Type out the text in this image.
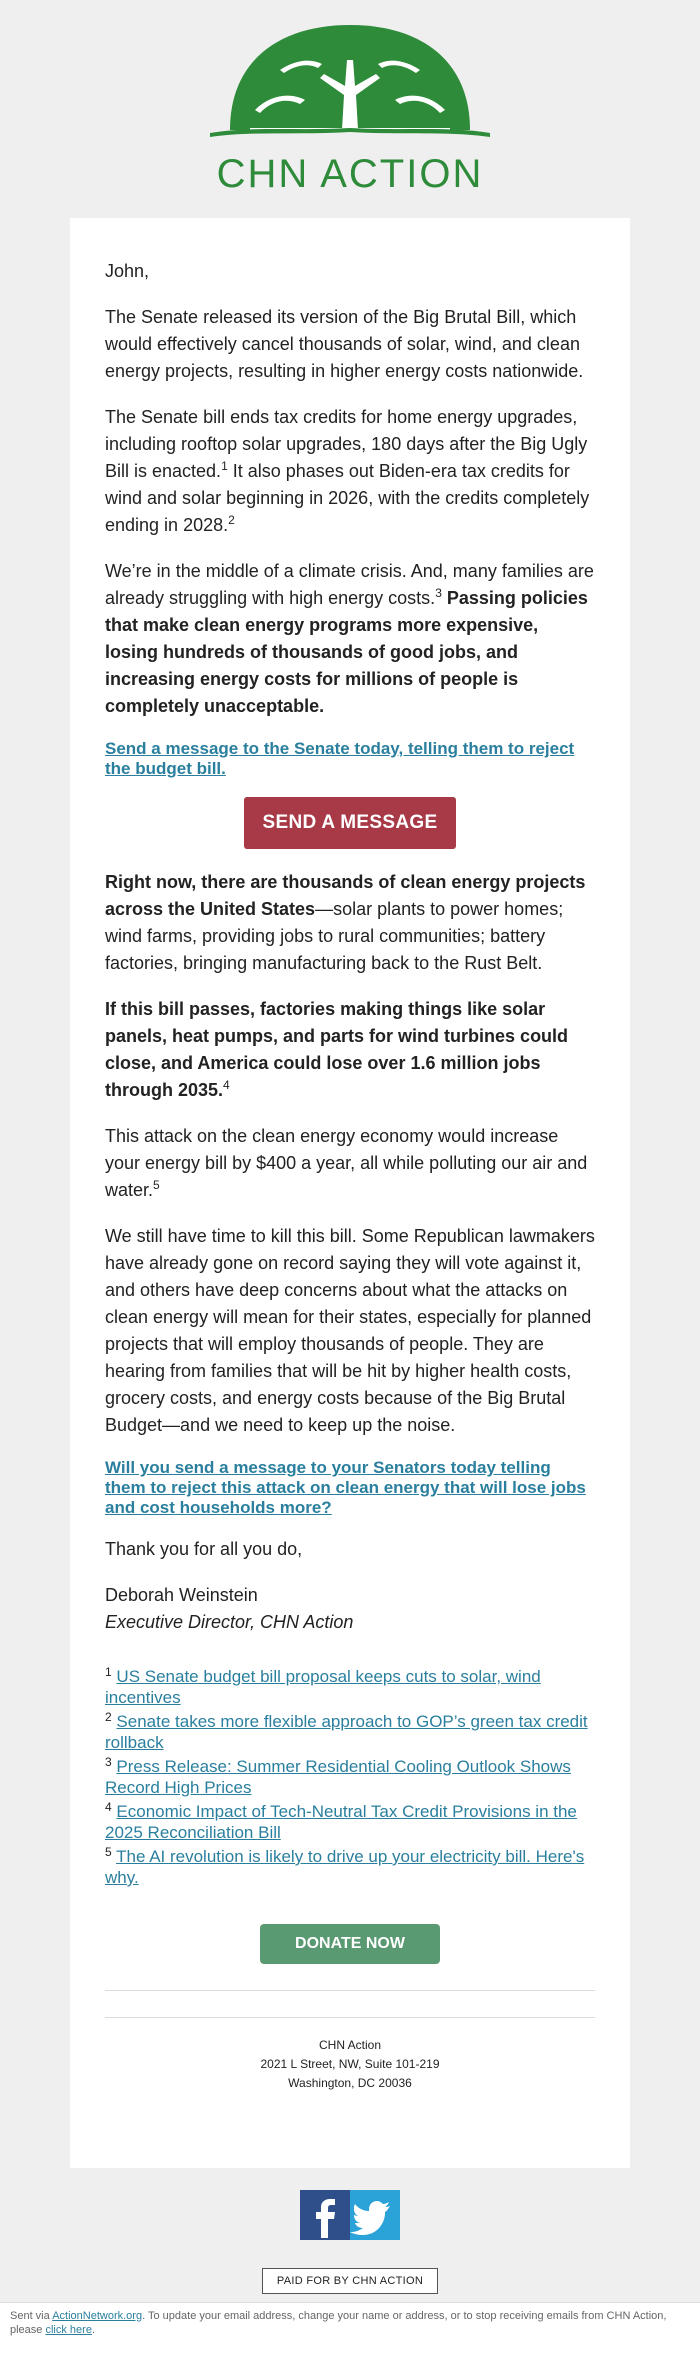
CHN ACTION

John,

The Senate released its version of the Big Brutal Bill, which would effectively cancel thousands of solar, wind, and clean energy projects, resulting in higher energy costs nationwide.

The Senate bill ends tax credits for home energy upgrades, including rooftop solar upgrades, 180 days after the Big Ugly Bill is enacted.$^1$ It also phases out Biden-era tax credits for wind and solar beginning in 2026, with the credits completely ending in 2028.$^2$

We’re in the middle of a climate crisis. And, many families are already struggling with high energy costs.$^3$ Passing policies that make clean energy programs more expensive, losing hundreds of thousands of good jobs, and increasing energy costs for millions of people is completely unacceptable.

Send a message to the Senate today, telling them to reject the budget bill.
SEND A MESSAGE

Right now, there are thousands of clean energy projects across the United States—solar plants to power homes; wind farms, providing jobs to rural communities; battery factories, bringing manufacturing back to the Rust Belt.

If this bill passes, factories making things like solar panels, heat pumps, and parts for wind turbines could close, and America could lose over 1.6 million jobs through 2035.$^4$

This attack on the clean energy economy would increase your energy bill by $400 a year, all while polluting our air and water.$^5$

We still have time to kill this bill. Some Republican lawmakers have already gone on record saying they will vote against it, and others have deep concerns about what the attacks on clean energy will mean for their states, especially for planned projects that will employ thousands of people. They are hearing from families that will be hit by higher health costs, grocery costs, and energy costs because of the Big Brutal Budget—and we need to keep up the noise.

Will you send a message to your Senators today telling them to reject this attack on clean energy that will lose jobs and cost households more?

Thank you for all you do,

Deborah Weinstein
Executive Director, CHN Action
$^1$ US Senate budget bill proposal keeps cuts to solar, wind incentives
$^2$ Senate takes more flexible approach to GOP’s green tax credit rollback
$^3$ Press Release: Summer Residential Cooling Outlook Shows Record High Prices
$^4$ Economic Impact of Tech-Neutral Tax Credit Provisions in the 2025 Reconciliation Bill
$^5$ The AI revolution is likely to drive up your electricity bill. Here's why.
DONATE NOW
CHN Action
2021 L Street, NW, Suite 101-219
Washington, DC 20036
PAID FOR BY CHN ACTION
Sent via ActionNetwork.org. To update your email address, change your name or address, or to stop receiving emails from CHN Action, please click here.
